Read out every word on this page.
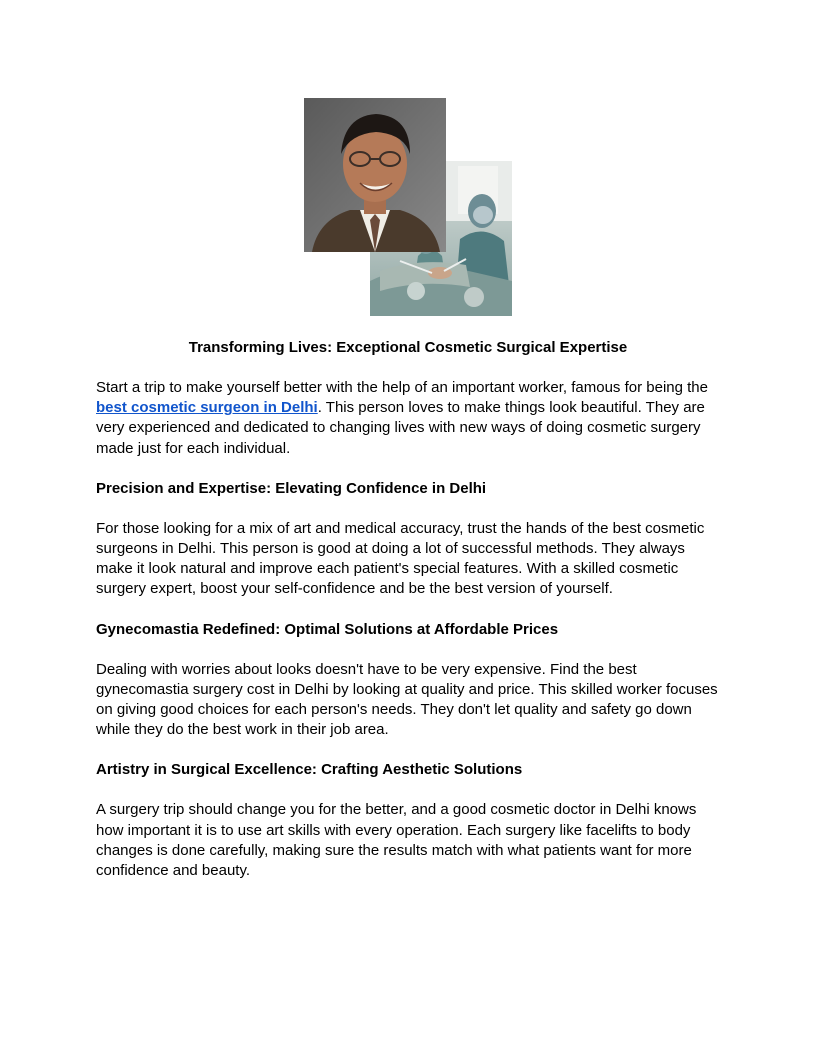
Transforming Lives: Exceptional Cosmetic Surgical Expertise

Start a trip to make yourself better with the help of an important worker, famous for being the best cosmetic surgeon in Delhi. This person loves to make things look beautiful. They are very experienced and dedicated to changing lives with new ways of doing cosmetic surgery made just for each individual.

Precision and Expertise: Elevating Confidence in Delhi

For those looking for a mix of art and medical accuracy, trust the hands of the best cosmetic surgeons in Delhi. This person is good at doing a lot of successful methods. They always make it look natural and improve each patient's special features. With a skilled cosmetic surgery expert, boost your self-confidence and be the best version of yourself.

Gynecomastia Redefined: Optimal Solutions at Affordable Prices

Dealing with worries about looks doesn't have to be very expensive. Find the best gynecomastia surgery cost in Delhi by looking at quality and price. This skilled worker focuses on giving good choices for each person's needs. They don't let quality and safety go down while they do the best work in their job area.

Artistry in Surgical Excellence: Crafting Aesthetic Solutions

A surgery trip should change you for the better, and a good cosmetic doctor in Delhi knows how important it is to use art skills with every operation. Each surgery like facelifts to body changes is done carefully, making sure the results match with what patients want for more confidence and beauty.
